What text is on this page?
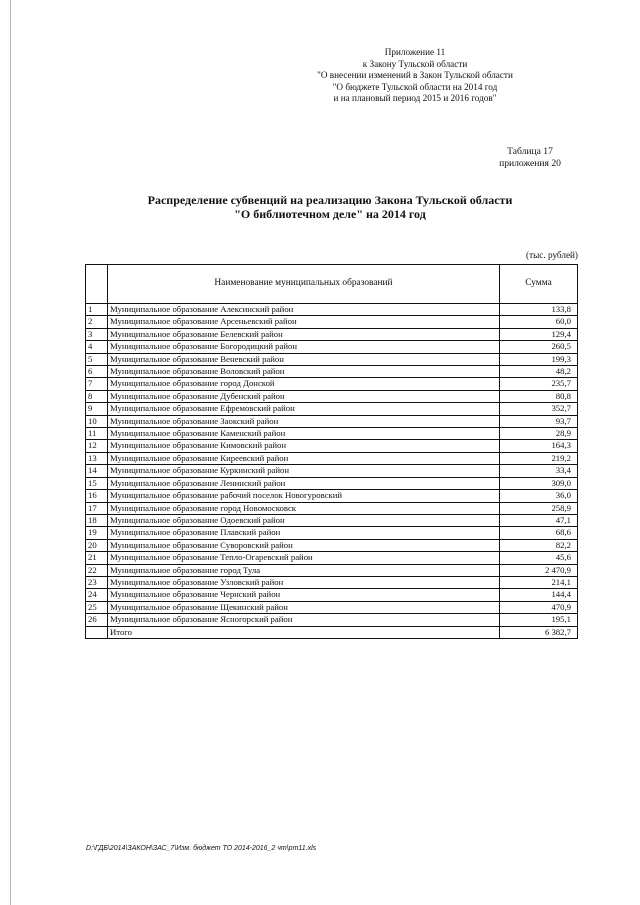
Приложение 11
к Закону Тульской области
"О внесении изменений в Закон Тульской области
"О бюджете Тульской области на 2014 год
и на плановый период 2015 и 2016 годов"
Таблица 17
приложения 20
Распределение субвенций на реализацию Закона Тульской области
"О библиотечном деле" на 2014 год
(тыс. рублей)
	Наименование муниципальных образований	Сумма
1	Муниципальное образование Алексинский район	133,8
2	Муниципальное образование Арсеньевский район	60,0
3	Муниципальное образование Белевский район	129,4
4	Муниципальное образование Богородицкий район	260,5
5	Муниципальное образование Веневский район	199,3
6	Муниципальное образование Воловский район	48,2
7	Муниципальное образование город Донской	235,7
8	Муниципальное образование Дубенский район	80,8
9	Муниципальное образование Ефремовский район	352,7
10	Муниципальное образование Заокский район	93,7
11	Муниципальное образование Каменский район	28,9
12	Муниципальное образование Кимовский район	164,3
13	Муниципальное образование Киреевский район	219,2
14	Муниципальное образование Куркинский район	33,4
15	Муниципальное образование Ленинский район	309,0
16	Муниципальное образование рабочий поселок Новогуровский	36,0
17	Муниципальное образование город Новомосковск	258,9
18	Муниципальное образование Одоевский район	47,1
19	Муниципальное образование Плавский район	68,6
20	Муниципальное образование Суворовский район	82,2
21	Муниципальное образование Тепло-Огаревский район	45,6
22	Муниципальное образование город Тула	2 470,9
23	Муниципальное образование Узловский район	214,1
24	Муниципальное образование Чернский район	144,4
25	Муниципальное образование Щекинский район	470,9
26	Муниципальное образование Ясногорский район	195,1
	Итого	6 382,7
D:\ГДБ\2014\ЗАКОН\ЗАС_7\Изм. бюджет ТО 2014-2016_2 чт\рт11.xls
